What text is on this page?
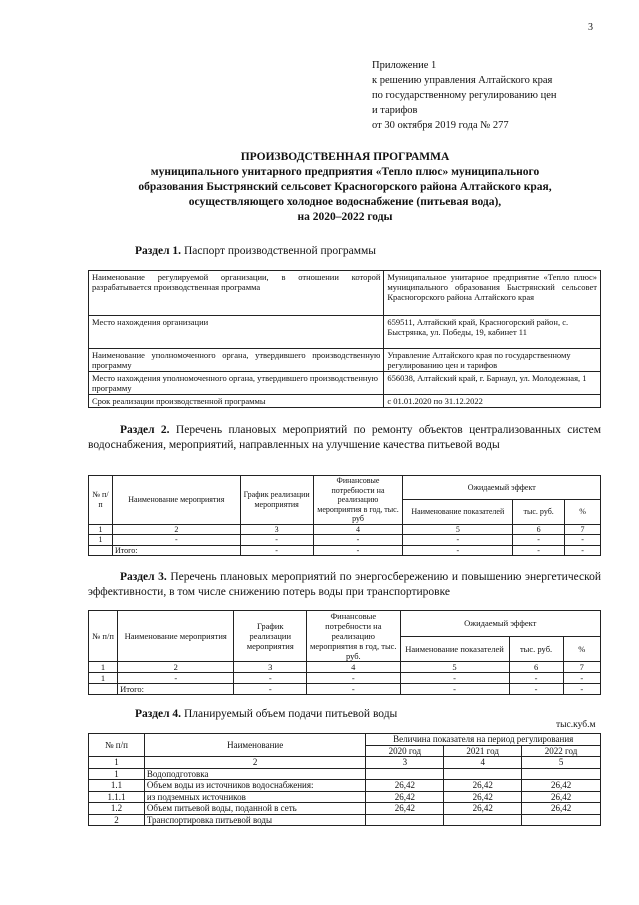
3
Приложение 1
к решению управления Алтайского края
по государственному регулированию цен
и тарифов
от 30 октября 2019 года № 277
ПРОИЗВОДСТВЕННАЯ ПРОГРАММА
муниципального унитарного предприятия «Тепло плюс» муниципального
образования Быстрянский сельсовет Красногорского района Алтайского края,
осуществляющего холодное водоснабжение (питьевая вода),
на 2020–2022 годы
Раздел 1. Паспорт производственной программы
Наименование регулируемой организации, в отношении которой разрабатывается производственная программа	Муниципальное унитарное предприятие «Тепло плюс» муниципального образования Быстрянский сельсовет Красногорского района Алтайского края
Место нахождения организации	659511, Алтайский край, Красногорский район, с. Быстрянка, ул. Победы, 19, кабинет 11
Наименование уполномоченного органа, утвердившего производственную программу	Управление Алтайского края по государственному регулированию цен и тарифов
Место нахождения уполномоченного органа, утвердившего производственную программу	656038, Алтайский край, г. Барнаул, ул. Молодежная, 1
Срок реализации производственной программы	с 01.01.2020 по 31.12.2022
Раздел 2. Перечень плановых мероприятий по ремонту объектов централизованных систем водоснабжения, мероприятий, направленных на улучшение качества питьевой воды
№ п/п	Наименование мероприятия	График реализации мероприятия	Финансовые потребности на реализацию мероприятия в год, тыс. руб	Ожидаемый эффект		
				Наименование показателей	тыс. руб.	%
1	2	3	4	5	6	7
1	-	-	-	-	-	-
	Итого:	-	-	-	-	-
Раздел 3. Перечень плановых мероприятий по энергосбережению и повышению энергетической эффективности, в том числе снижению потерь воды при транспортировке
№ п/п	Наименование мероприятия	График реализации мероприятия	Финансовые потребности на реализацию мероприятия в год, тыс. руб.	Ожидаемый эффект		
				Наименование показателей	тыс. руб.	%
1	2	3	4	5	6	7
1	-	-	-	-	-	-
	Итого:	-	-	-	-	-
Раздел 4. Планируемый объем подачи питьевой воды
тыс.куб.м
№ п/п	Наименование	Величина показателя на период регулирования		
		2020 год	2021 год	2022 год
1	2	3	4	5
1	Водоподготовка			
1.1	Объем воды из источников водоснабжения:	26,42	26,42	26,42
1.1.1	из подземных источников	26,42	26,42	26,42
1.2	Объем питьевой воды, поданной в сеть	26,42	26,42	26,42
2	Транспортировка питьевой воды			
